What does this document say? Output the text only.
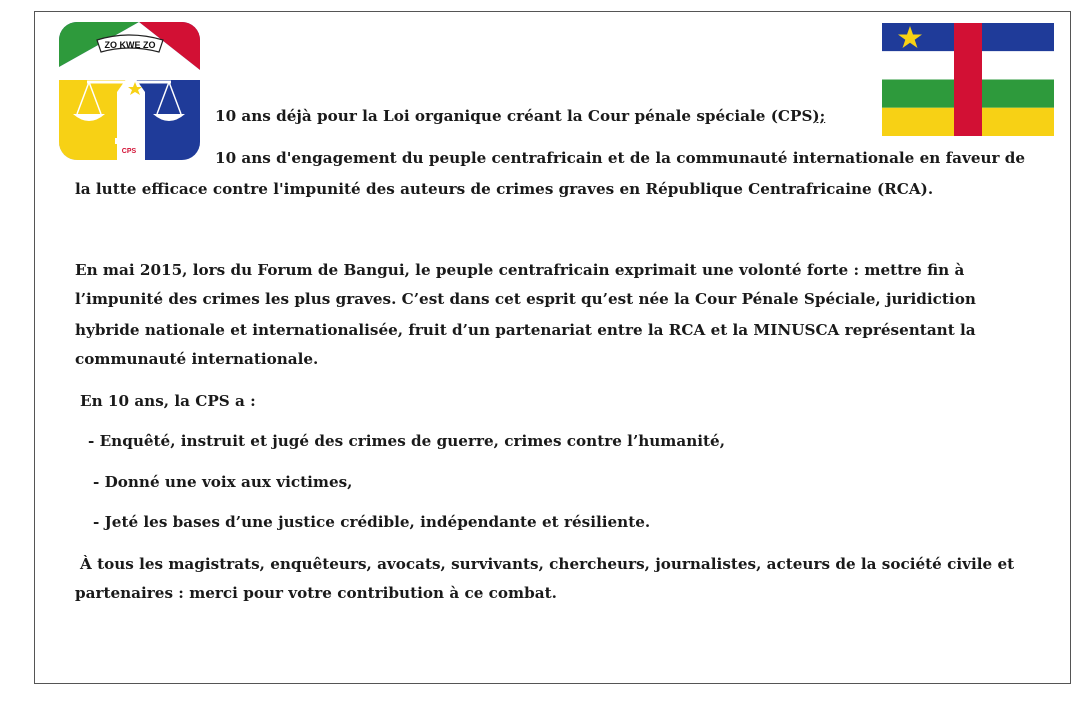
ZO KWE ZO
CPS
10 ans déjà pour la Loi organique créant la Cour pénale spéciale (CPS);
10 ans d'engagement du peuple centrafricain et de la communauté internationale en faveur de
la lutte efficace contre l'impunité des auteurs de crimes graves en République Centrafricaine (RCA).
En mai 2015, lors du Forum de Bangui, le peuple centrafricain exprimait une volonté forte : mettre fin à
l’impunité des crimes les plus graves. C’est dans cet esprit qu’est née la Cour Pénale Spéciale, juridiction
hybride nationale et internationalisée, fruit d’un partenariat entre la RCA et la MINUSCA représentant la
communauté internationale.
En 10 ans, la CPS a :
- Enquêté, instruit et jugé des crimes de guerre, crimes contre l’humanité,
- Donné une voix aux victimes,
- Jeté les bases d’une justice crédible, indépendante et résiliente.
À tous les magistrats, enquêteurs, avocats, survivants, chercheurs, journalistes, acteurs de la société civile et
partenaires : merci pour votre contribution à ce combat.
